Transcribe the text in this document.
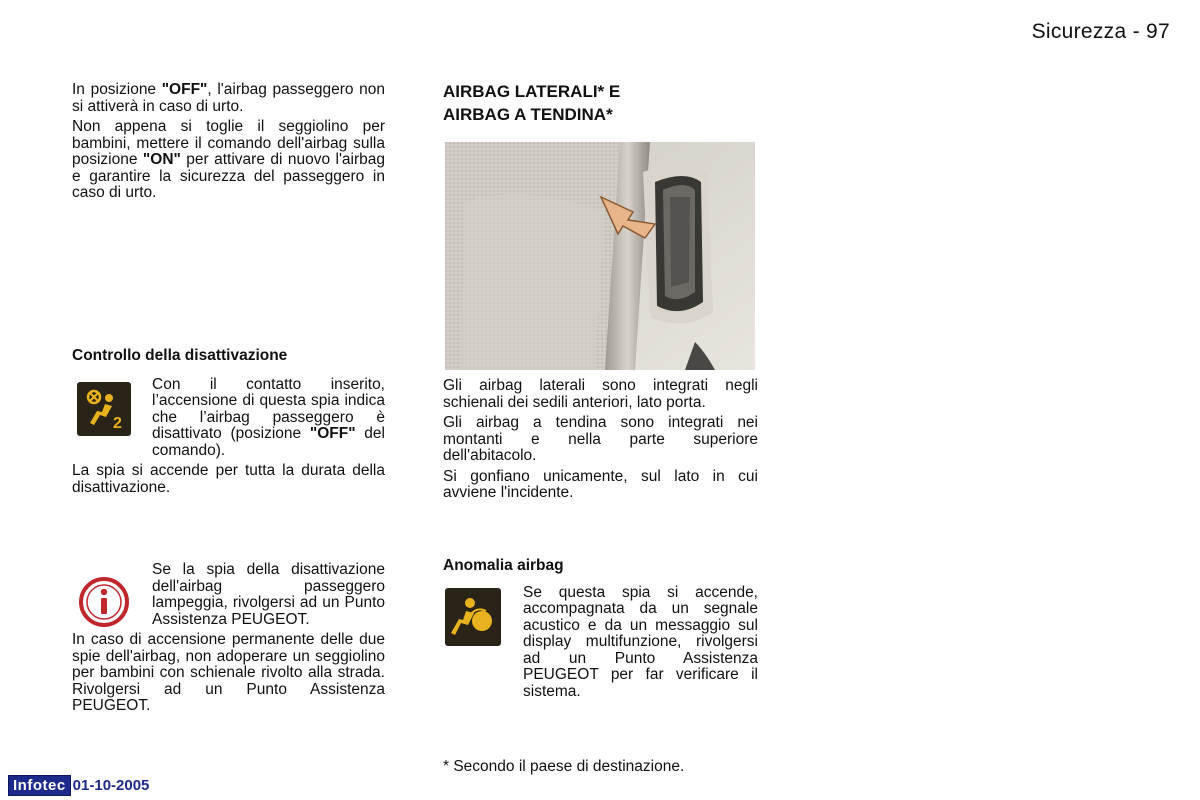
Sicurezza - 97

In posizione "OFF", l'airbag passeggero non si attiverà in caso di urto.

Non appena si toglie il seggiolino per bambini, mettere il comando dell'airbag sulla posizione "ON" per attivare di nuovo l'airbag e garantire la sicurezza del passeggero in caso di urto.

Controllo della disattivazione

2

Con il contatto inserito, l’accensione di questa spia indica che l’airbag passeggero è disattivato (posizione "OFF" del comando).

La spia si accende per tutta la durata della disattivazione.

Se la spia della disattivazione dell'airbag passeggero lampeggia, rivolgersi ad un Punto Assistenza PEUGEOT.

In caso di accensione permanente delle due spie dell'airbag, non adoperare un seggiolino per bambini con schienale rivolto alla strada. Rivolgersi ad un Punto Assistenza PEUGEOT.

AIRBAG LATERALI* E

AIRBAG A TENDINA*

Gli airbag laterali sono integrati negli schienali dei sedili anteriori, lato porta.

Gli airbag a tendina sono integrati nei montanti e nella parte superiore dell'abitacolo.

Si gonfiano unicamente, sul lato in cui avviene l'incidente.

Anomalia airbag

Se questa spia si accende, accompagnata da un segnale acustico e da un messaggio sul display multifunzione, rivolgersi ad un Punto Assistenza PEUGEOT per far verificare il sistema.

* Secondo il paese di destinazione.
Infotec 01-10-2005
